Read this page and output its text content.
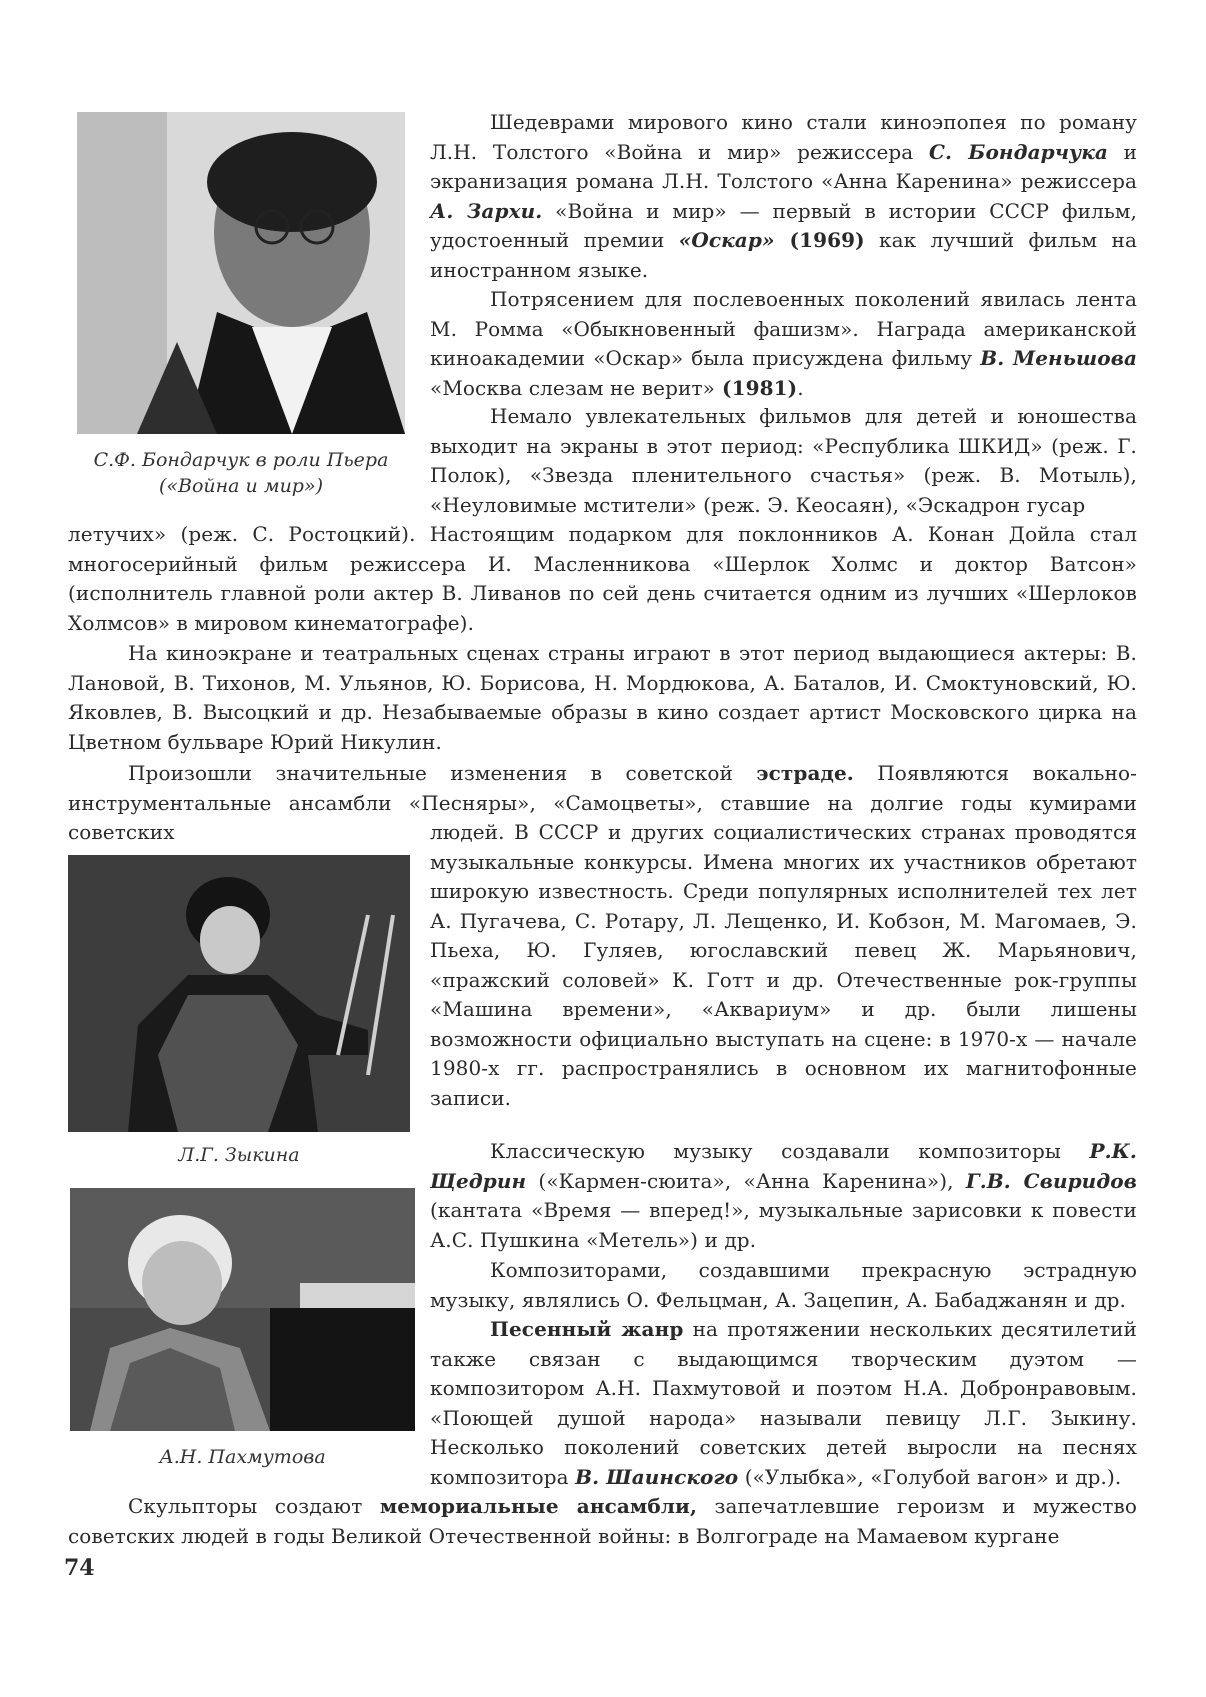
С.Ф. Бондарчук в роли Пьера
(«Война и мир»)

Шедеврами мирового кино стали киноэпопея по роману Л.Н. Толстого «Война и мир» режиссера С. Бондарчука и экранизация романа Л.Н. Толстого «Анна Каренина» режиссера А. Зархи. «Война и мир» — первый в истории СССР фильм, удостоенный премии «Оскар» (1969) как лучший фильм на иностранном языке.

Потрясением для послевоенных поколений явилась лента М. Ромма «Обыкновенный фашизм». Награда американской киноакадемии «Оскар» была присуждена фильму В. Меньшова «Москва слезам не верит» (1981).

Немало увлекательных фильмов для детей и юношества выходит на экраны в этот период: «Республика ШКИД» (реж. Г. Полок), «Звезда пленительного счастья» (реж. В. Мотыль), «Неуловимые мстители» (реж. Э. Кеосаян), «Эскадрон гусар

летучих» (реж. С. Ростоцкий). Настоящим подарком для поклонников А. Конан Дойла стал многосерийный фильм режиссера И. Масленникова «Шерлок Холмс и доктор Ватсон» (исполнитель главной роли актер В. Ливанов по сей день считается одним из лучших «Шерлоков Холмсов» в мировом кинематографе).

На киноэкране и театральных сценах страны играют в этот период выдающиеся актеры: В. Лановой, В. Тихонов, М. Ульянов, Ю. Борисова, Н. Мордюкова, А. Баталов, И. Смоктуновский, Ю. Яковлев, В. Высоцкий и др. Незабываемые образы в кино создает артист Московского цирка на Цветном бульваре Юрий Никулин.

Произошли значительные изменения в советской эстраде. Появляются вокально-инструментальные ансамбли «Песняры», «Самоцветы», ставшие на долгие годы кумирами советских	людей. В СССР и других социалистических странах проводятся музыкальные конкурсы. Имена многих их участников обретают широкую известность. Среди популярных исполнителей тех лет А. Пугачева, С. Ротару, Л. Лещенко, И. Кобзон, М. Магомаев, Э. Пьеха, Ю. Гуляев, югославский певец Ж. Марьянович, «пражский соловей» К. Готт и др. Отечественные рок-группы «Машина времени», «Аквариум» и др. были лишены возможности официально выступать на сцене: в 1970-х — начале 1980-х гг. распространялись в основном их магнитофонные записи.

Л.Г. Зыкина	Классическую музыку создавали композиторы Р.К. Щедрин («Кармен-сюита», «Анна Каренина»), Г.В. Свиридов (кантата «Время — вперед!», музыкальные зарисовки к повести А.С. Пушкина «Метель») и др.

Композиторами, создавшими прекрасную эстрадную музыку, являлись О. Фельцман, А. Зацепин, А. Бабаджанян и др.

А.Н. Пахмутова

Песенный жанр на протяжении нескольких десятилетий также связан с выдающимся творческим дуэтом — композитором А.Н. Пахмутовой и поэтом Н.А. Добронравовым. «Поющей душой народа» называли певицу Л.Г. Зыкину. Несколько поколений советских детей выросли на песнях композитора В. Шаинского («Улыбка», «Голубой вагон» и др.).

Скульпторы создают мемориальные ансамбли, запечатлевшие героизм и мужество советских людей в годы Великой Отечественной войны: в Волгограде на Мамаевом кургане

74
